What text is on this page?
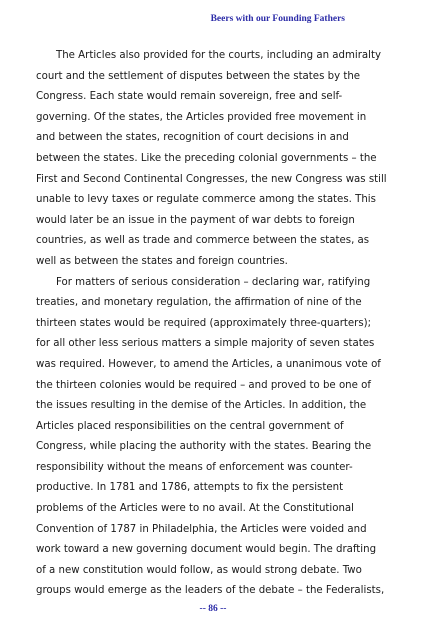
Beers with our Founding Fathers
The Articles also provided for the courts, including an admiralty
court and the settlement of disputes between the states by the
Congress. Each state would remain sovereign, free and self-
governing. Of the states, the Articles provided free movement in
and between the states, recognition of court decisions in and
between the states. Like the preceding colonial governments – the
First and Second Continental Congresses, the new Congress was still
unable to levy taxes or regulate commerce among the states. This
would later be an issue in the payment of war debts to foreign
countries, as well as trade and commerce between the states, as
well as between the states and foreign countries.
For matters of serious consideration – declaring war, ratifying
treaties, and monetary regulation, the affirmation of nine of the
thirteen states would be required (approximately three-quarters);
for all other less serious matters a simple majority of seven states
was required. However, to amend the Articles, a unanimous vote of
the thirteen colonies would be required – and proved to be one of
the issues resulting in the demise of the Articles. In addition, the
Articles placed responsibilities on the central government of
Congress, while placing the authority with the states. Bearing the
responsibility without the means of enforcement was counter-
productive. In 1781 and 1786, attempts to fix the persistent
problems of the Articles were to no avail. At the Constitutional
Convention of 1787 in Philadelphia, the Articles were voided and
work toward a new governing document would begin. The drafting
of a new constitution would follow, as would strong debate. Two
groups would emerge as the leaders of the debate – the Federalists,
-- 86 --
